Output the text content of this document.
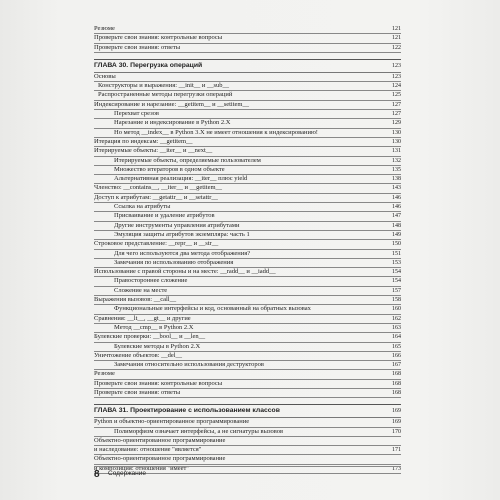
Резюме	121
Проверьте свои знания: контрольные вопросы	121
Проверьте свои знания: ответы	122
ГЛАВА 30. Перегрузка операций	123
Основы	123
Конструкторы и выражения: __init__ и __sub__	124
Распространенные методы перегрузки операций	125
Индексирование и нарезание: __getitem__ и __setitem__	127
Перехват срезов	127
Нарезание и индексирование в Python 2.X	129
Но метод __index__ в Python 3.X не имеет отношения к индексированию!	130
Итерация по индексам: __getitem__	130
Итерируемые объекты: __iter__ и __next__	131
Итерируемые объекты, определяемые пользователем	132
Множество итераторов в одном объекте	135
Альтернативная реализация: __iter__ плюс yield	138
Членство: __contains__, __iter__ и __getitem__	143
Доступ к атрибутам: __getattr__ и __setattr__	146
Ссылка на атрибуты	146
Присваивание и удаление атрибутов	147
Другие инструменты управления атрибутами	148
Эмуляция защиты атрибутов экземпляра: часть 1	149
Строковое представление: __repr__ и __str__	150
Для чего используются два метода отображения?	151
Замечания по использованию отображения	153
Использование с правой стороны и на месте: __radd__ и __iadd__	154
Правостороннее сложение	154
Сложение на месте	157
Выражения вызовов: __call__	158
Функциональные интерфейсы и код, основанный на обратных вызовах	160
Сравнения: __lt__, __gt__ и другие	162
Метод __cmp__ в Python 2.X	163
Булевские проверки: __bool__ и __len__	164
Булевские методы в Python 2.X	165
Уничтожение объектов: __del__	166
Замечания относительно использования деструкторов	167
Резюме	168
Проверьте свои знания: контрольные вопросы	168
Проверьте свои знания: ответы	168
ГЛАВА 31. Проектирование с использованием классов	169
Python и объектно-ориентированное программирование	169
Полиморфизм означает интерфейсы, а не сигнатуры вызовов	170
Объектно-ориентированное программирование
и наследование: отношение "является"	171
Объектно-ориентированное программирование
и композиция: отношения "имеет"	173
8 Содержание
